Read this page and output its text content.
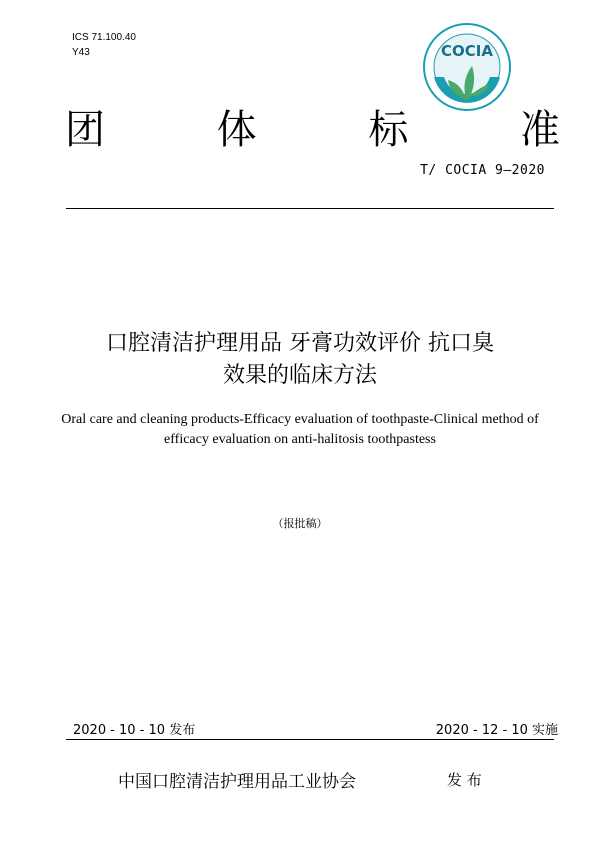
ICS 71.100.40
Y43	COCIA
团	体	标	准
T/ COCIA 9—2020
口腔清洁护理用品 牙膏功效评价 抗口臭
效果的临床方法
Oral care and cleaning products-Efficacy evaluation of toothpaste-Clinical method of
efficacy evaluation on anti-halitosis toothpastess
（报批稿）
2020 - 10 - 10 发布	2020 - 12 - 10 实施
中国口腔清洁护理用品工业协会	发 布
